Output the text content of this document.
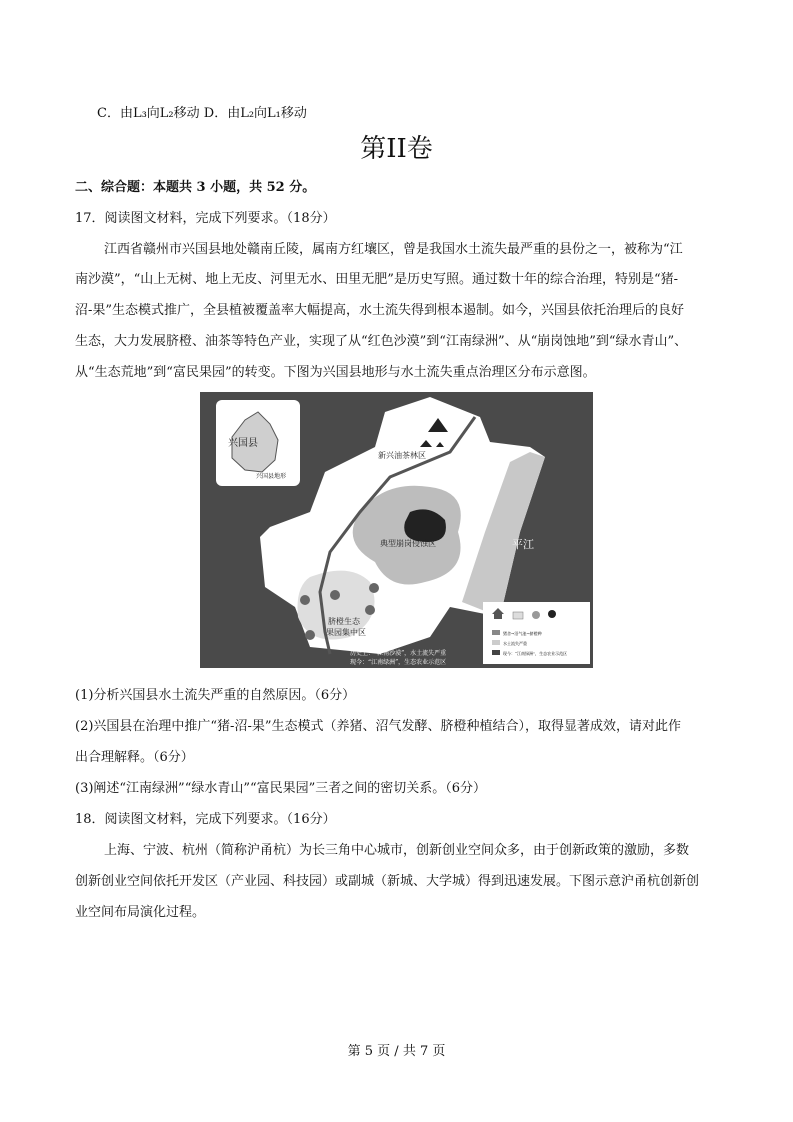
C．由L₃向L₂移动 D．由L₂向L₁移动
第II卷
二、综合题：本题共 3 小题，共 52 分。
17．阅读图文材料，完成下列要求。（18分）
江西省赣州市兴国县地处赣南丘陵，属南方红壤区，曾是我国水土流失最严重的县份之一，被称为“江
南沙漠”，“山上无树、地上无皮、河里无水、田里无肥”是历史写照。通过数十年的综合治理，特别是“猪-
沼-果”生态模式推广，全县植被覆盖率大幅提高，水土流失得到根本遏制。如今，兴国县依托治理后的良好
生态，大力发展脐橙、油茶等特色产业，实现了从“红色沙漠”到“江南绿洲”、从“崩岗蚀地”到“绿水青山”、
从“生态荒地”到“富民果园”的转变。下图为兴国县地形与水土流失重点治理区分布示意图。
兴国县
兴国县地形
新兴油茶林区
典型崩岗侵蚀区	平江
脐橙生态
果园集中区
历史上：“江南沙漠”，水土流失严重
现今：“江南绿洲”，生态农业示范区
猪舍→沼气池→脐橙种
水土流失严重
现今：“江南绿洲”，生态农业示范区
(1)分析兴国县水土流失严重的自然原因。（6分）
(2)兴国县在治理中推广“猪-沼-果”生态模式（养猪、沼气发酵、脐橙种植结合），取得显著成效，请对此作
出合理解释。（6分）
(3)阐述“江南绿洲”“绿水青山”“富民果园”三者之间的密切关系。（6分）
18．阅读图文材料，完成下列要求。（16分）
上海、宁波、杭州（简称沪甬杭）为长三角中心城市，创新创业空间众多，由于创新政策的激励，多数
创新创业空间依托开发区（产业园、科技园）或副城（新城、大学城）得到迅速发展。下图示意沪甬杭创新创
业空间布局演化过程。
第 5 页 / 共 7 页
